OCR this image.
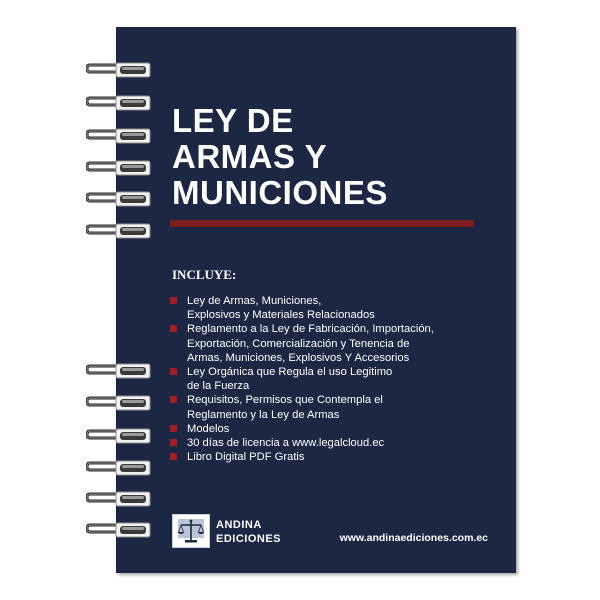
LEY DE
ARMAS Y
MUNICIONES
INCLUYE:
Ley de Armas, Municiones,
Explosivos y Materiales Relacionados
Reglamento a la Ley de Fabricación, Importación,
Exportación, Comercialización y Tenencia de
Armas, Municiones, Explosivos Y Accesorios
Ley Orgánica que Regula el uso Legitimo
de la Fuerza
Requisitos, Permisos que Contempla el
Reglamento y la Ley de Armas
Modelos
30 días de licencia a www.legalcloud.ec
Libro Digital PDF Gratis
ANDINA
EDICIONES	www.andinaediciones.com.ec
